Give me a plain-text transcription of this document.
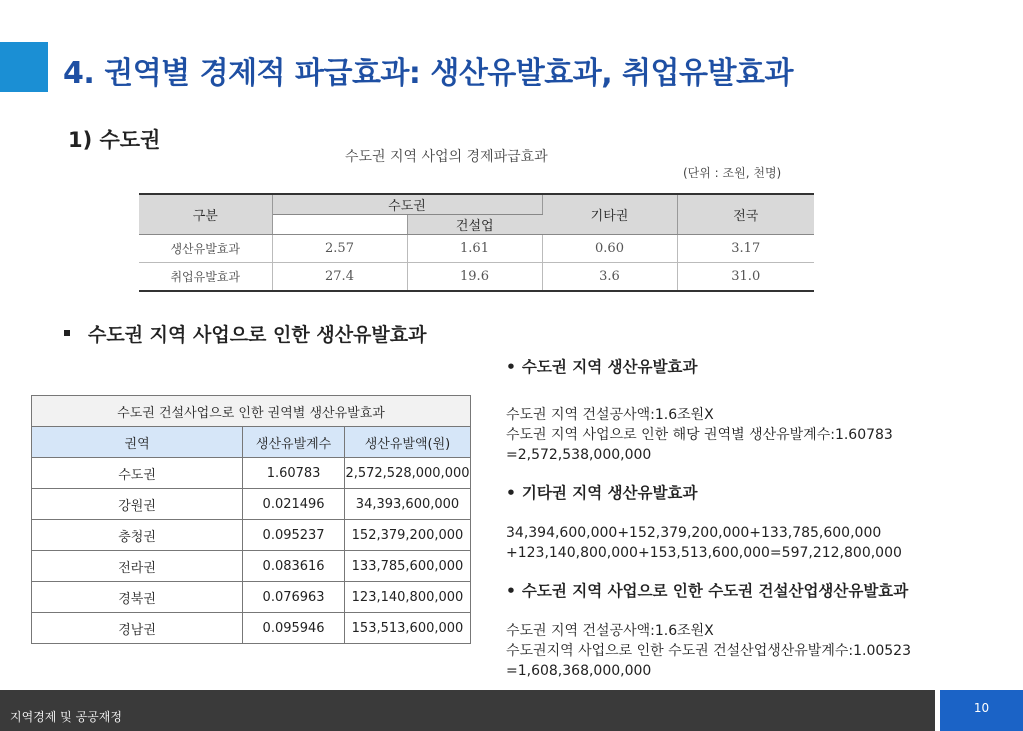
4. 권역별 경제적 파급효과: 생산유발효과, 취업유발효과
1) 수도권
수도권 지역 사업의 경제파급효과
(단위 : 조원, 천명)
구분	수도권		기타권	전국
		건설업		
생산유발효과	2.57	1.61	0.60	3.17
취업유발효과	27.4	19.6	3.6	31.0
수도권 지역 사업으로 인한 생산유발효과
수도권 건설사업으로 인한 권역별 생산유발효과		
권역	생산유발계수	생산유발액(원)
수도권	1.60783	2,572,528,000,000
강원권	0.021496	34,393,600,000
충청권	0.095237	152,379,200,000
전라권	0.083616	133,785,600,000
경북권	0.076963	123,140,800,000
경남권	0.095946	153,513,600,000

• 수도권 지역 생산유발효과

수도권 지역 건설공사액:1.6조원X

수도권 지역 사업으로 인한 해당 권역별 생산유발계수:1.60783

=2,572,538,000,000

• 기타권 지역 생산유발효과

34,394,600,000+152,379,200,000+133,785,600,000

+123,140,800,000+153,513,600,000=597,212,800,000

• 수도권 지역 사업으로 인한 수도권 건설산업생산유발효과

수도권 지역 건설공사액:1.6조원X

수도권지역 사업으로 인한 수도권 건설산업생산유발계수:1.00523

=1,608,368,000,000

지역경제 및 공공재정
10
